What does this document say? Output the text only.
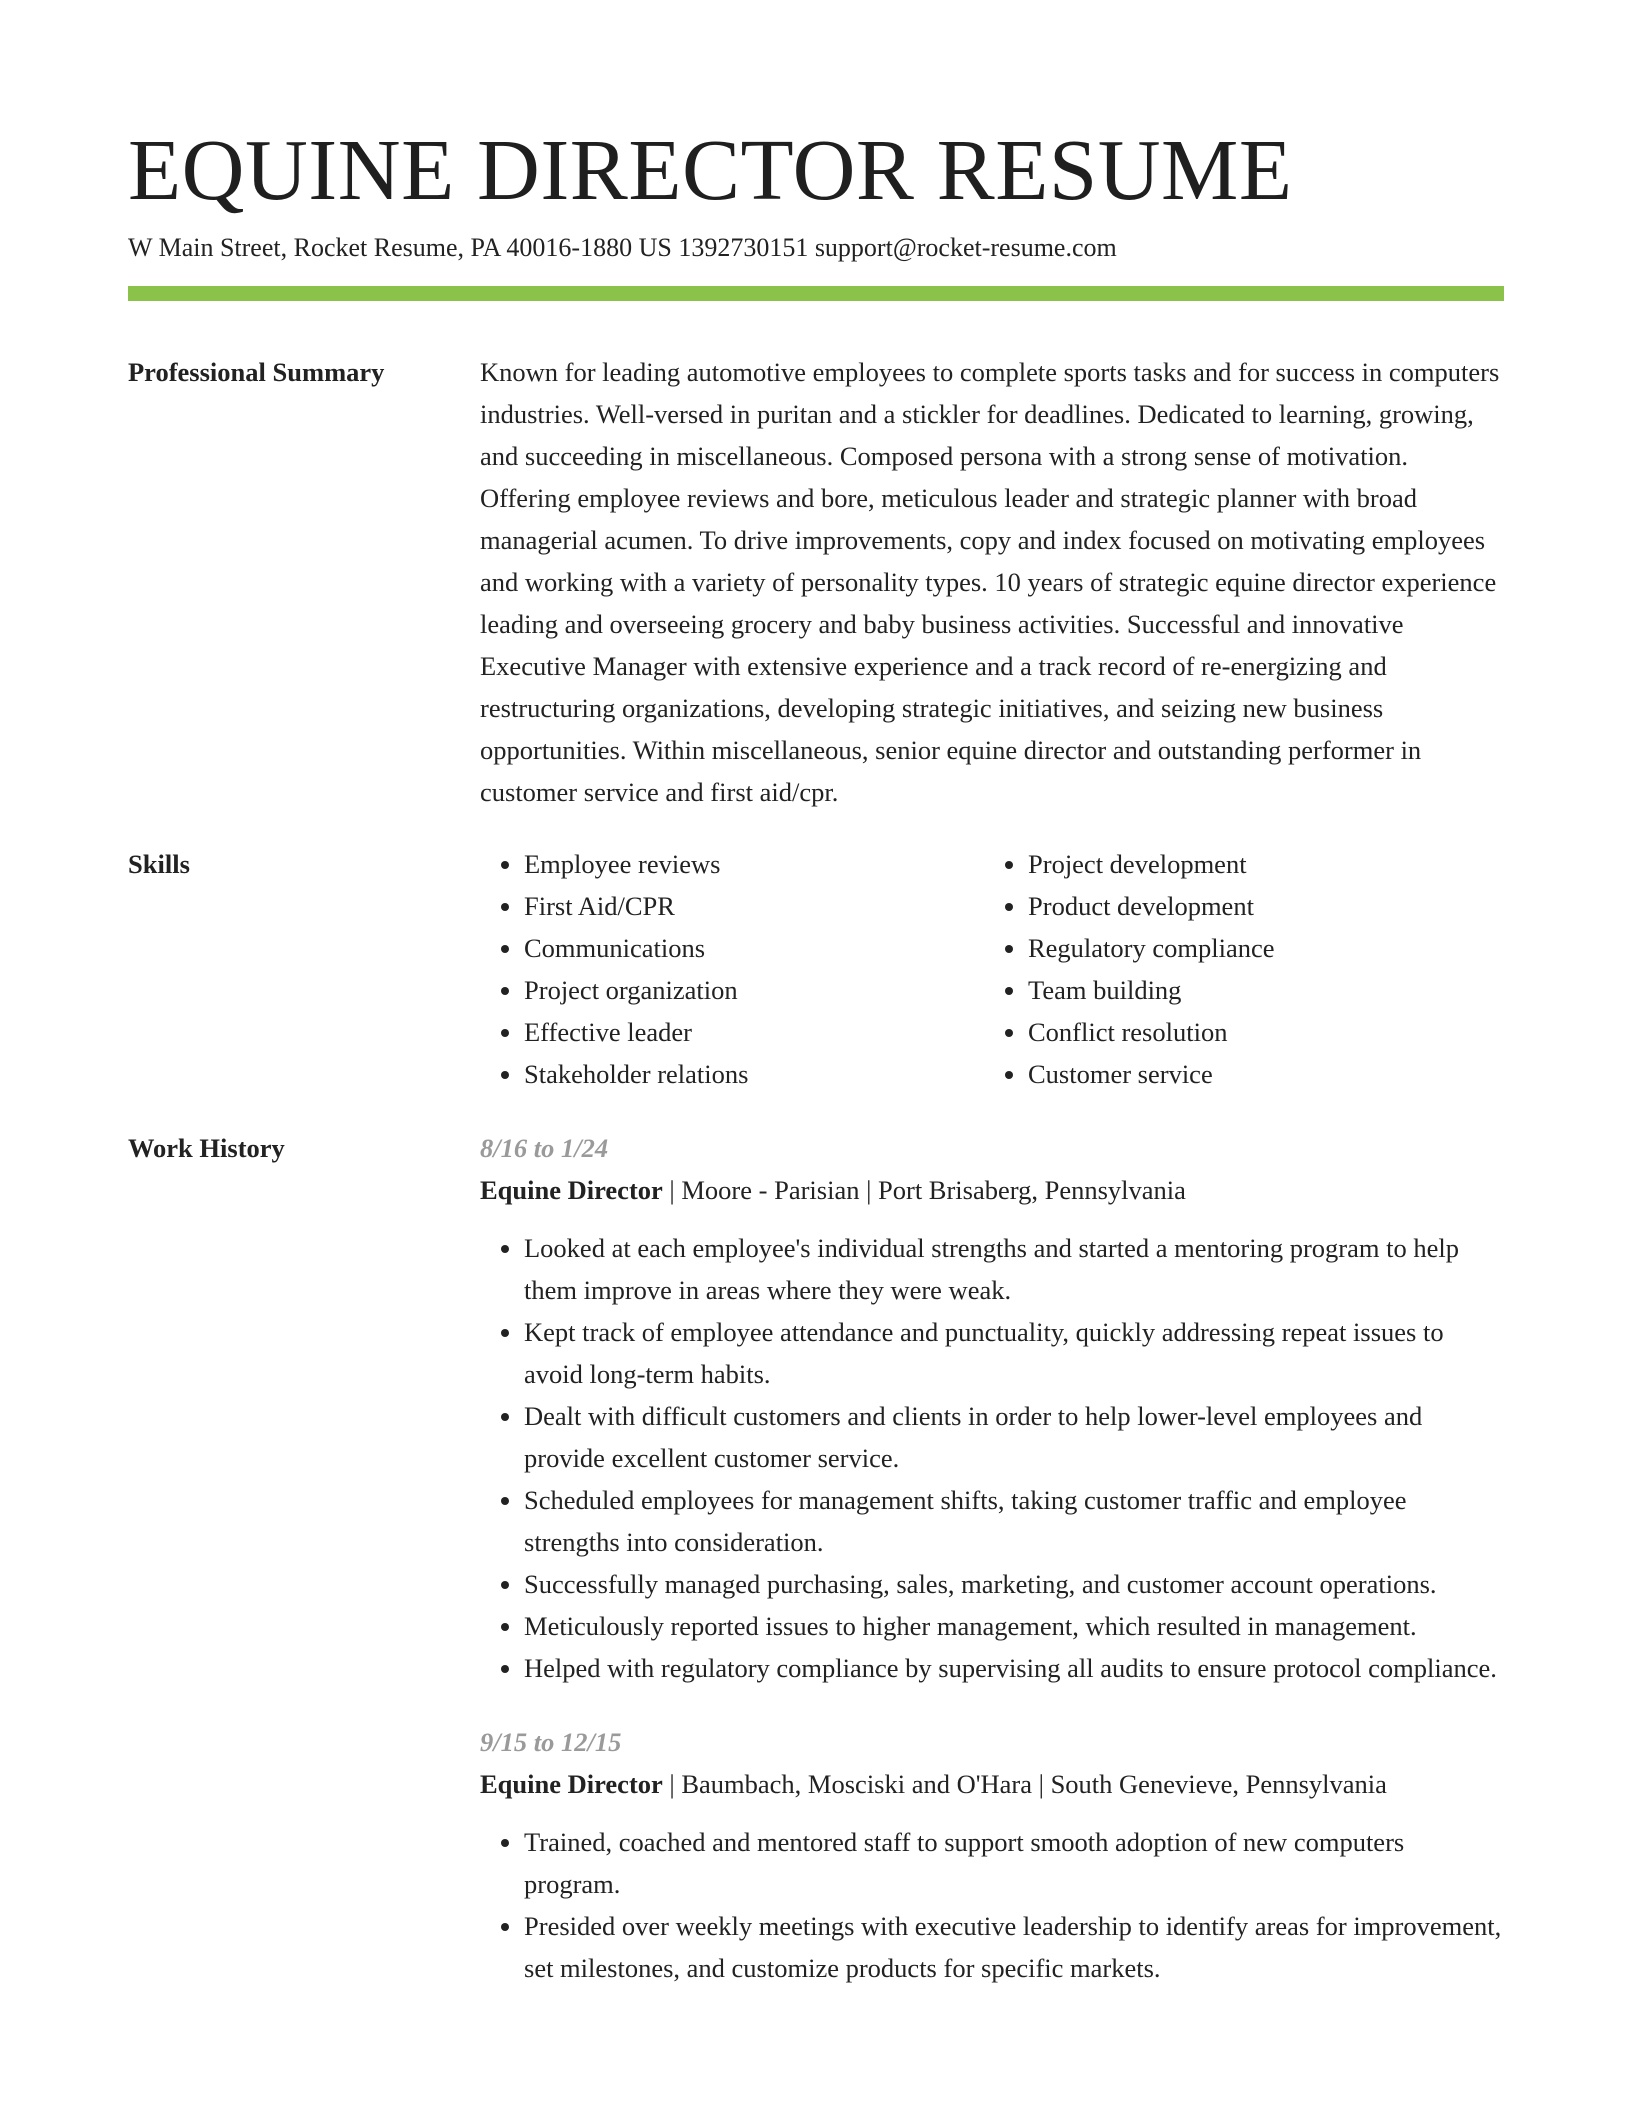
EQUINE DIRECTOR RESUME
W Main Street, Rocket Resume, PA 40016-1880 US 1392730151 support@rocket-resume.com
Professional Summary	Known for leading automotive employees to complete sports tasks and for success in computers industries. Well-versed in puritan and a stickler for deadlines. Dedicated to learning, growing, and succeeding in miscellaneous. Composed persona with a strong sense of motivation. Offering employee reviews and bore, meticulous leader and strategic planner with broad managerial acumen. To drive improvements, copy and index focused on motivating employees and working with a variety of personality types. 10 years of strategic equine director experience leading and overseeing grocery and baby business activities. Successful and innovative Executive Manager with extensive experience and a track record of re-energizing and restructuring organizations, developing strategic initiatives, and seizing new business opportunities. Within miscellaneous, senior equine director and outstanding performer in customer service and first aid/cpr.
Skills
•	Employee reviews
• First Aid/CPR
• Communications
• Project organization
• Effective leader
• Stakeholder relations
• Project development
• Product development
• Regulatory compliance
• Team building
• Conflict resolution
• Customer service
Work History	8/16 to 1/24
Equine Director | Moore - Parisian | Port Brisaberg, Pennsylvania
• Looked at each employee's individual strengths and started a mentoring program to help them improve in areas where they were weak.
• Kept track of employee attendance and punctuality, quickly addressing repeat issues to avoid long-term habits.
• Dealt with difficult customers and clients in order to help lower-level employees and provide excellent customer service.
• Scheduled employees for management shifts, taking customer traffic and employee strengths into consideration.
• Successfully managed purchasing, sales, marketing, and customer account operations.
• Meticulously reported issues to higher management, which resulted in management.
• Helped with regulatory compliance by supervising all audits to ensure protocol compliance.
9/15 to 12/15
Equine Director | Baumbach, Mosciski and O'Hara | South Genevieve, Pennsylvania
• Trained, coached and mentored staff to support smooth adoption of new computers program.
• Presided over weekly meetings with executive leadership to identify areas for improvement, set milestones, and customize products for specific markets.
